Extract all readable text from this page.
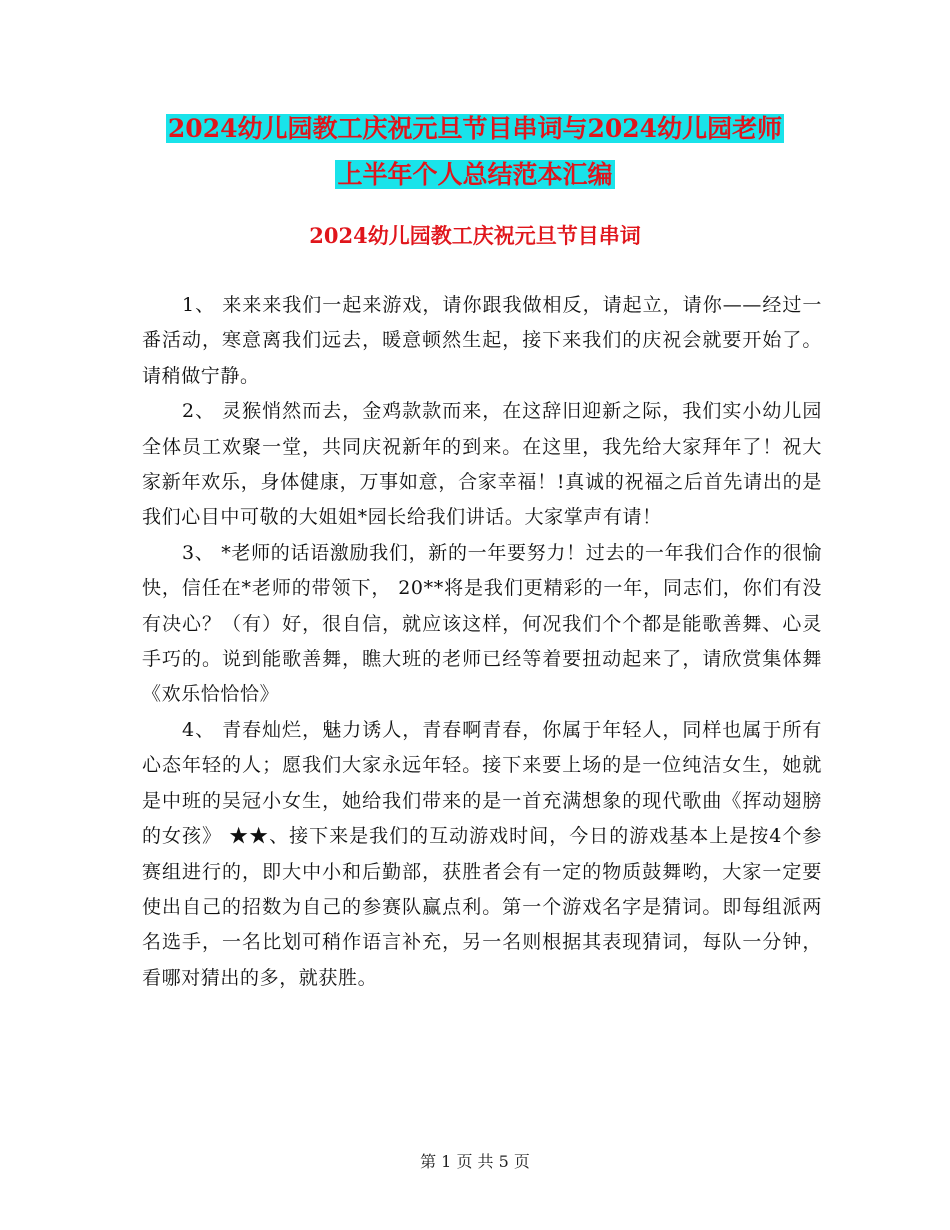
2024幼儿园教工庆祝元旦节目串词与2024幼儿园老师
上半年个人总结范本汇编
2024幼儿园教工庆祝元旦节目串词

1、 来来来我们一起来游戏，请你跟我做相反，请起立，请你——经过一番活动，寒意离我们远去，暖意顿然生起，接下来我们的庆祝会就要开始了。请稍做宁静。

2、 灵猴悄然而去，金鸡款款而来，在这辞旧迎新之际，我们实小幼儿园全体员工欢聚一堂，共同庆祝新年的到来。在这里，我先给大家拜年了！祝大家新年欢乐，身体健康，万事如意，合家幸福！!真诚的祝福之后首先请出的是我们心目中可敬的大姐姐*园长给我们讲话。大家掌声有请！

3、 *老师的话语激励我们，新的一年要努力！过去的一年我们合作的很愉快，信任在*老师的带领下， 20**将是我们更精彩的一年，同志们，你们有没有决心？（有）好，很自信，就应该这样，何况我们个个都是能歌善舞、心灵手巧的。说到能歌善舞，瞧大班的老师已经等着要扭动起来了，请欣赏集体舞《欢乐恰恰恰》

4、 青春灿烂，魅力诱人，青春啊青春，你属于年轻人，同样也属于所有心态年轻的人；愿我们大家永远年轻。接下来要上场的是一位纯洁女生，她就是中班的吴冠小女生，她给我们带来的是一首充满想象的现代歌曲《挥动翅膀的女孩》 ★★、接下来是我们的互动游戏时间，今日的游戏基本上是按4个参赛组进行的，即大中小和后勤部，获胜者会有一定的物质鼓舞哟，大家一定要使出自己的招数为自己的参赛队赢点利。第一个游戏名字是猜词。即每组派两名选手，一名比划可稍作语言补充，另一名则根据其表现猜词，每队一分钟，看哪对猜出的多，就获胜。

第 1 页 共 5 页
